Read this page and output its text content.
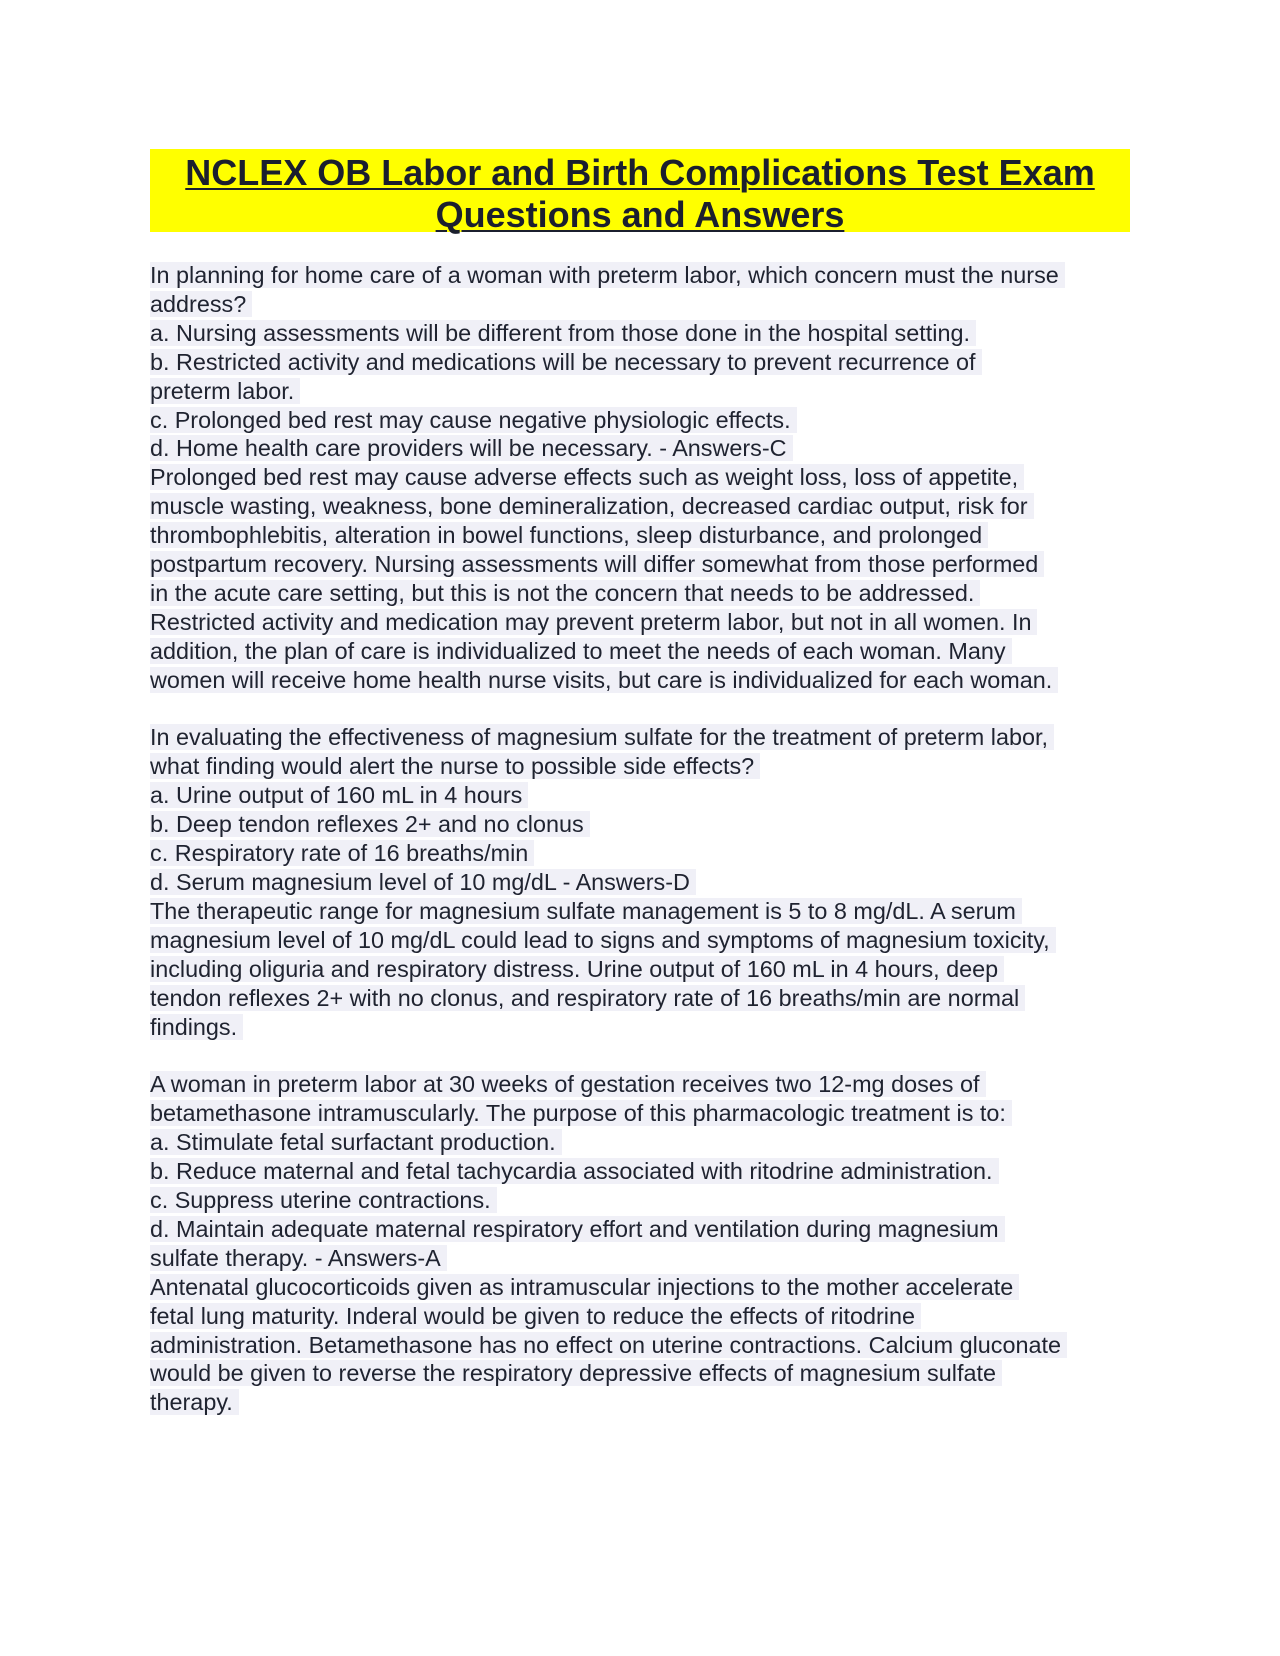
NCLEX OB Labor and Birth Complications Test Exam
Questions and Answers
In planning for home care of a woman with preterm labor, which concern must the nurse
address?
a. Nursing assessments will be different from those done in the hospital setting.
b. Restricted activity and medications will be necessary to prevent recurrence of
preterm labor.
c. Prolonged bed rest may cause negative physiologic effects.
d. Home health care providers will be necessary. - Answers-C
Prolonged bed rest may cause adverse effects such as weight loss, loss of appetite,
muscle wasting, weakness, bone demineralization, decreased cardiac output, risk for
thrombophlebitis, alteration in bowel functions, sleep disturbance, and prolonged
postpartum recovery. Nursing assessments will differ somewhat from those performed
in the acute care setting, but this is not the concern that needs to be addressed.
Restricted activity and medication may prevent preterm labor, but not in all women. In
addition, the plan of care is individualized to meet the needs of each woman. Many
women will receive home health nurse visits, but care is individualized for each woman.
In evaluating the effectiveness of magnesium sulfate for the treatment of preterm labor,
what finding would alert the nurse to possible side effects?
a. Urine output of 160 mL in 4 hours
b. Deep tendon reflexes 2+ and no clonus
c. Respiratory rate of 16 breaths/min
d. Serum magnesium level of 10 mg/dL - Answers-D
The therapeutic range for magnesium sulfate management is 5 to 8 mg/dL. A serum
magnesium level of 10 mg/dL could lead to signs and symptoms of magnesium toxicity,
including oliguria and respiratory distress. Urine output of 160 mL in 4 hours, deep
tendon reflexes 2+ with no clonus, and respiratory rate of 16 breaths/min are normal
findings.
A woman in preterm labor at 30 weeks of gestation receives two 12-mg doses of
betamethasone intramuscularly. The purpose of this pharmacologic treatment is to:
a. Stimulate fetal surfactant production.
b. Reduce maternal and fetal tachycardia associated with ritodrine administration.
c. Suppress uterine contractions.
d. Maintain adequate maternal respiratory effort and ventilation during magnesium
sulfate therapy. - Answers-A
Antenatal glucocorticoids given as intramuscular injections to the mother accelerate
fetal lung maturity. Inderal would be given to reduce the effects of ritodrine
administration. Betamethasone has no effect on uterine contractions. Calcium gluconate
would be given to reverse the respiratory depressive effects of magnesium sulfate
therapy.
